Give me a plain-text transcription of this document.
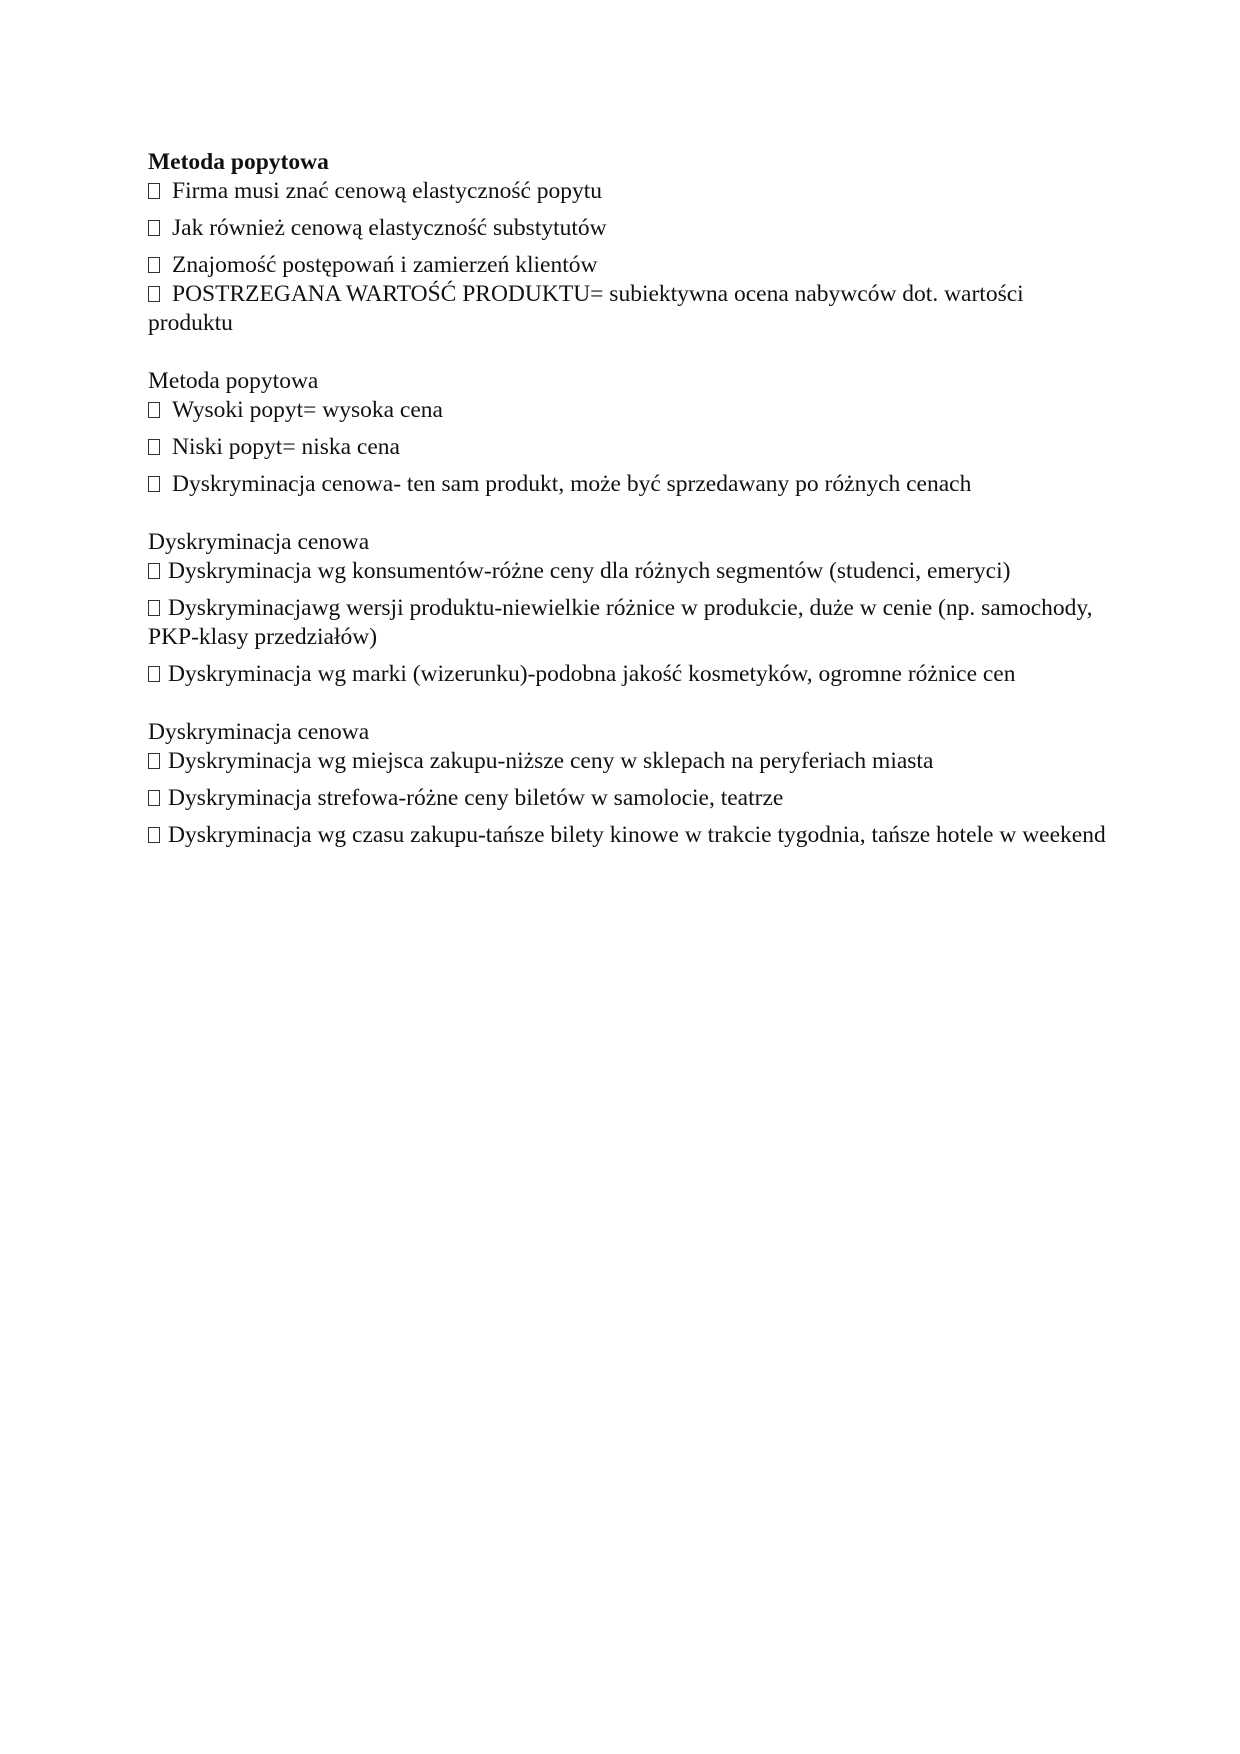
Metoda popytowa
Firma musi znać cenową elastyczność popytu
Jak również cenową elastyczność substytutów
Znajomość postępowań i zamierzeń klientów
POSTRZEGANA WARTOŚĆ PRODUKTU= subiektywna ocena nabywców dot. wartości produktu
Metoda popytowa
Wysoki popyt= wysoka cena
Niski popyt= niska cena
Dyskryminacja cenowa- ten sam produkt, może być sprzedawany po różnych cenach
Dyskryminacja cenowa
Dyskryminacja wg konsumentów-różne ceny dla różnych segmentów (studenci, emeryci)
Dyskryminacjawg wersji produktu-niewielkie różnice w produkcie, duże w cenie (np. samochody, PKP-klasy przedziałów)
Dyskryminacja wg marki (wizerunku)-podobna jakość kosmetyków, ogromne różnice cen
Dyskryminacja cenowa
Dyskryminacja wg miejsca zakupu-niższe ceny w sklepach na peryferiach miasta
Dyskryminacja strefowa-różne ceny biletów w samolocie, teatrze
Dyskryminacja wg czasu zakupu-tańsze bilety kinowe w trakcie tygodnia, tańsze hotele w weekend
